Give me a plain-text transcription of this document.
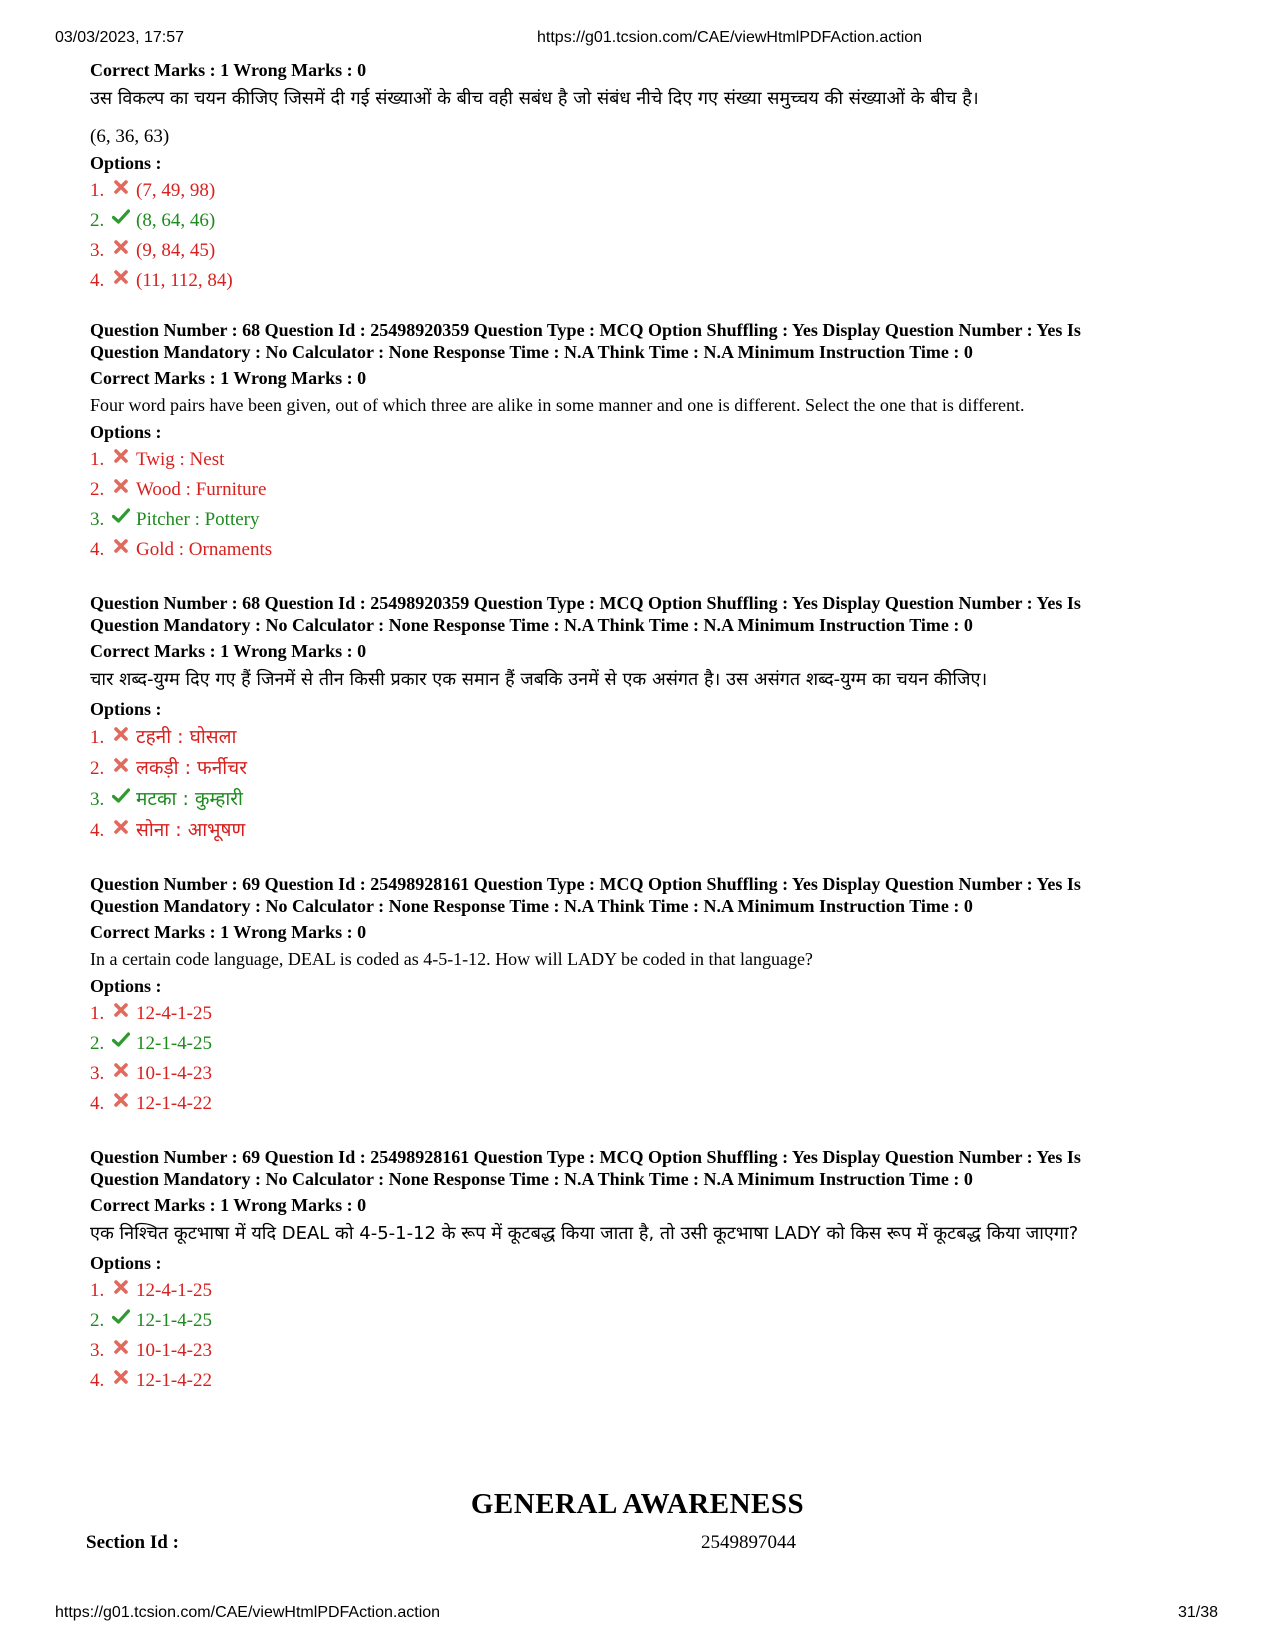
03/03/2023, 17:57	https://g01.tcsion.com/CAE/viewHtmlPDFAction.action
Correct Marks : 1 Wrong Marks : 0
उस विकल्प का चयन कीजिए जिसमें दी गई संख्याओं के बीच वही सबंध है जो संबंध नीचे दिए गए संख्या समुच्चय की संख्याओं के बीच है।
(6, 36, 63)
Options :
1.	(7, 49, 98)
2.	(8, 64, 46)
3.	(9, 84, 45)
4.	(11, 112, 84)
Question Number : 68 Question Id : 25498920359 Question Type : MCQ Option Shuffling : Yes Display Question Number : Yes Is
Question Mandatory : No Calculator : None Response Time : N.A Think Time : N.A Minimum Instruction Time : 0
Correct Marks : 1 Wrong Marks : 0
Four word pairs have been given, out of which three are alike in some manner and one is different. Select the one that is different.
Options :
1.	Twig : Nest
2.	Wood : Furniture
3.	Pitcher : Pottery
4.	Gold : Ornaments
Question Number : 68 Question Id : 25498920359 Question Type : MCQ Option Shuffling : Yes Display Question Number : Yes Is
Question Mandatory : No Calculator : None Response Time : N.A Think Time : N.A Minimum Instruction Time : 0
Correct Marks : 1 Wrong Marks : 0
चार शब्द-युग्म दिए गए हैं जिनमें से तीन किसी प्रकार एक समान हैं जबकि उनमें से एक असंगत है। उस असंगत शब्द-युग्म का चयन कीजिए।
Options :
1.	टहनी : घोसला
2.	लकड़ी : फर्नीचर
3.	मटका : कुम्हारी
4.	सोना : आभूषण
Question Number : 69 Question Id : 25498928161 Question Type : MCQ Option Shuffling : Yes Display Question Number : Yes Is
Question Mandatory : No Calculator : None Response Time : N.A Think Time : N.A Minimum Instruction Time : 0
Correct Marks : 1 Wrong Marks : 0
In a certain code language, DEAL is coded as 4-5-1-12. How will LADY be coded in that language?
Options :
1.	12-4-1-25
2.	12-1-4-25
3.	10-1-4-23
4.	12-1-4-22
Question Number : 69 Question Id : 25498928161 Question Type : MCQ Option Shuffling : Yes Display Question Number : Yes Is
Question Mandatory : No Calculator : None Response Time : N.A Think Time : N.A Minimum Instruction Time : 0
Correct Marks : 1 Wrong Marks : 0
एक निश्चित कूटभाषा में यदि DEAL को 4-5-1-12 के रूप में कूटबद्ध किया जाता है, तो उसी कूटभाषा LADY को किस रूप में कूटबद्ध किया जाएगा?
Options :
1.	12-4-1-25
2.	12-1-4-25
3.	10-1-4-23
4.	12-1-4-22
GENERAL AWARENESS
Section Id :	2549897044
https://g01.tcsion.com/CAE/viewHtmlPDFAction.action	31/38
